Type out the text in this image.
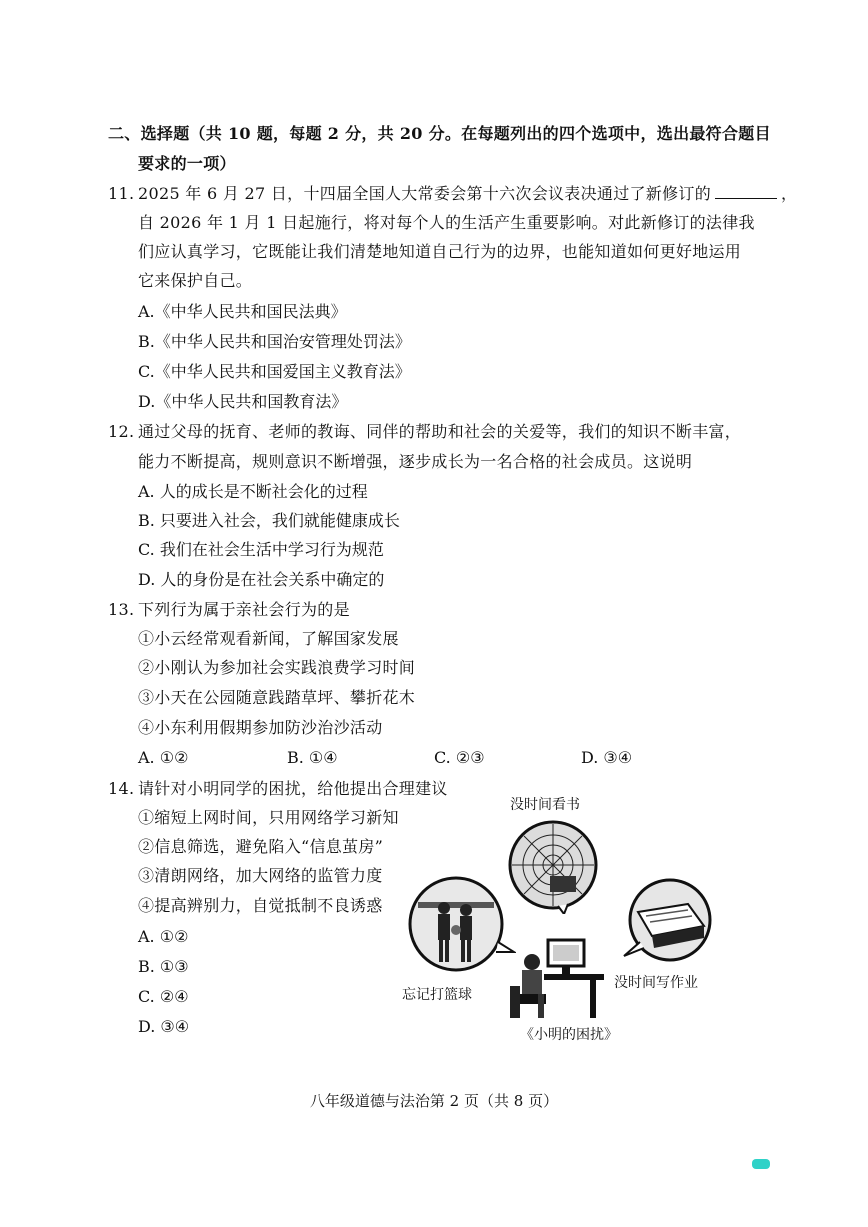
二、选择题（共 10 题，每题 2 分，共 20 分。在每题列出的四个选项中，选出最符合题目
要求的一项）
11. 2025 年 6 月 27 日，十四届全国人大常委会第十六次会议表决通过了新修订的	，
自 2026 年 1 月 1 日起施行，将对每个人的生活产生重要影响。对此新修订的法律我
们应认真学习，它既能让我们清楚地知道自己行为的边界，也能知道如何更好地运用
它来保护自己。
A.《中华人民共和国民法典》
B.《中华人民共和国治安管理处罚法》
C.《中华人民共和国爱国主义教育法》
D.《中华人民共和国教育法》
12. 通过父母的抚育、老师的教诲、同伴的帮助和社会的关爱等，我们的知识不断丰富，
能力不断提高，规则意识不断增强，逐步成长为一名合格的社会成员。这说明
A. 人的成长是不断社会化的过程
B. 只要进入社会，我们就能健康成长
C. 我们在社会生活中学习行为规范
D. 人的身份是在社会关系中确定的
13. 下列行为属于亲社会行为的是
①小云经常观看新闻，了解国家发展
②小刚认为参加社会实践浪费学习时间
③小天在公园随意践踏草坪、攀折花木
④小东利用假期参加防沙治沙活动
A. ①②	B. ①④	C. ②③	D. ③④
14. 请针对小明同学的困扰，给他提出合理建议
①缩短上网时间，只用网络学习新知
②信息筛选，避免陷入“信息茧房”
③清朗网络，加大网络的监管力度
④提高辨别力，自觉抵制不良诱惑
A. ①②
B. ①③
C. ②④
D. ③④
没时间看书
忘记打篮球
没时间写作业
《小明的困扰》
八年级道德与法治第 2 页（共 8 页）
